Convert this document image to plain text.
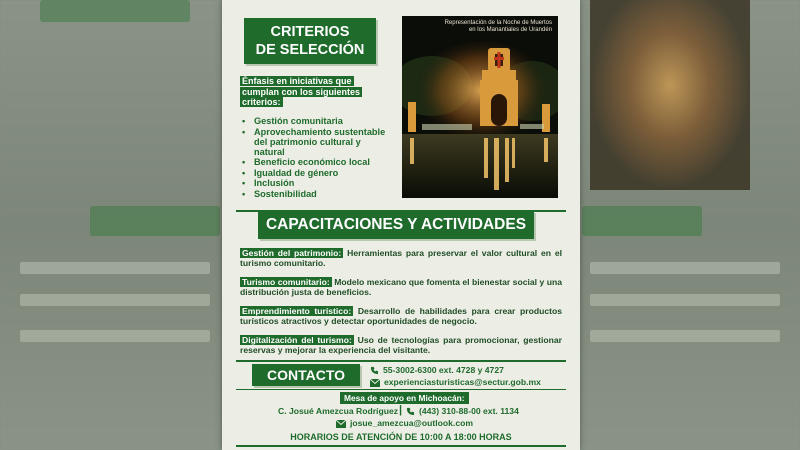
CRITERIOS
DE SELECCIÓN
Énfasis en iniciativas que cumplan con los siguientes criterios:
• Gestión comunitaria
• Aprovechamiento sustentable del patrimonio cultural y natural
• Beneficio económico local
• Igualdad de género
• Inclusión
• Sostenibilidad
Representación de la Noche de Muertos
en los Manantiales de Urandén
CAPACITACIONES Y ACTIVIDADES
Gestión del patrimonio: Herramientas para preservar el valor cultural en el turismo comunitario.
Turismo comunitario: Modelo mexicano que fomenta el bienestar social y una distribución justa de beneficios.
Emprendimiento turístico: Desarrollo de habilidades para crear productos turísticos atractivos y detectar oportunidades de negocio.
Digitalización del turismo: Uso de tecnologías para promocionar, gestionar reservas y mejorar la experiencia del visitante.
CONTACTO	55-3002-6300 ext. 4728 y 4727
experienciasturisticas@sectur.gob.mx
Mesa de apoyo en Michoacán:
C. Josué Amezcua Rodríguez |	(443) 310-88-00 ext. 1134
josue_amezcua@outlook.com
HORARIOS DE ATENCIÓN DE 10:00 A 18:00 HORAS
